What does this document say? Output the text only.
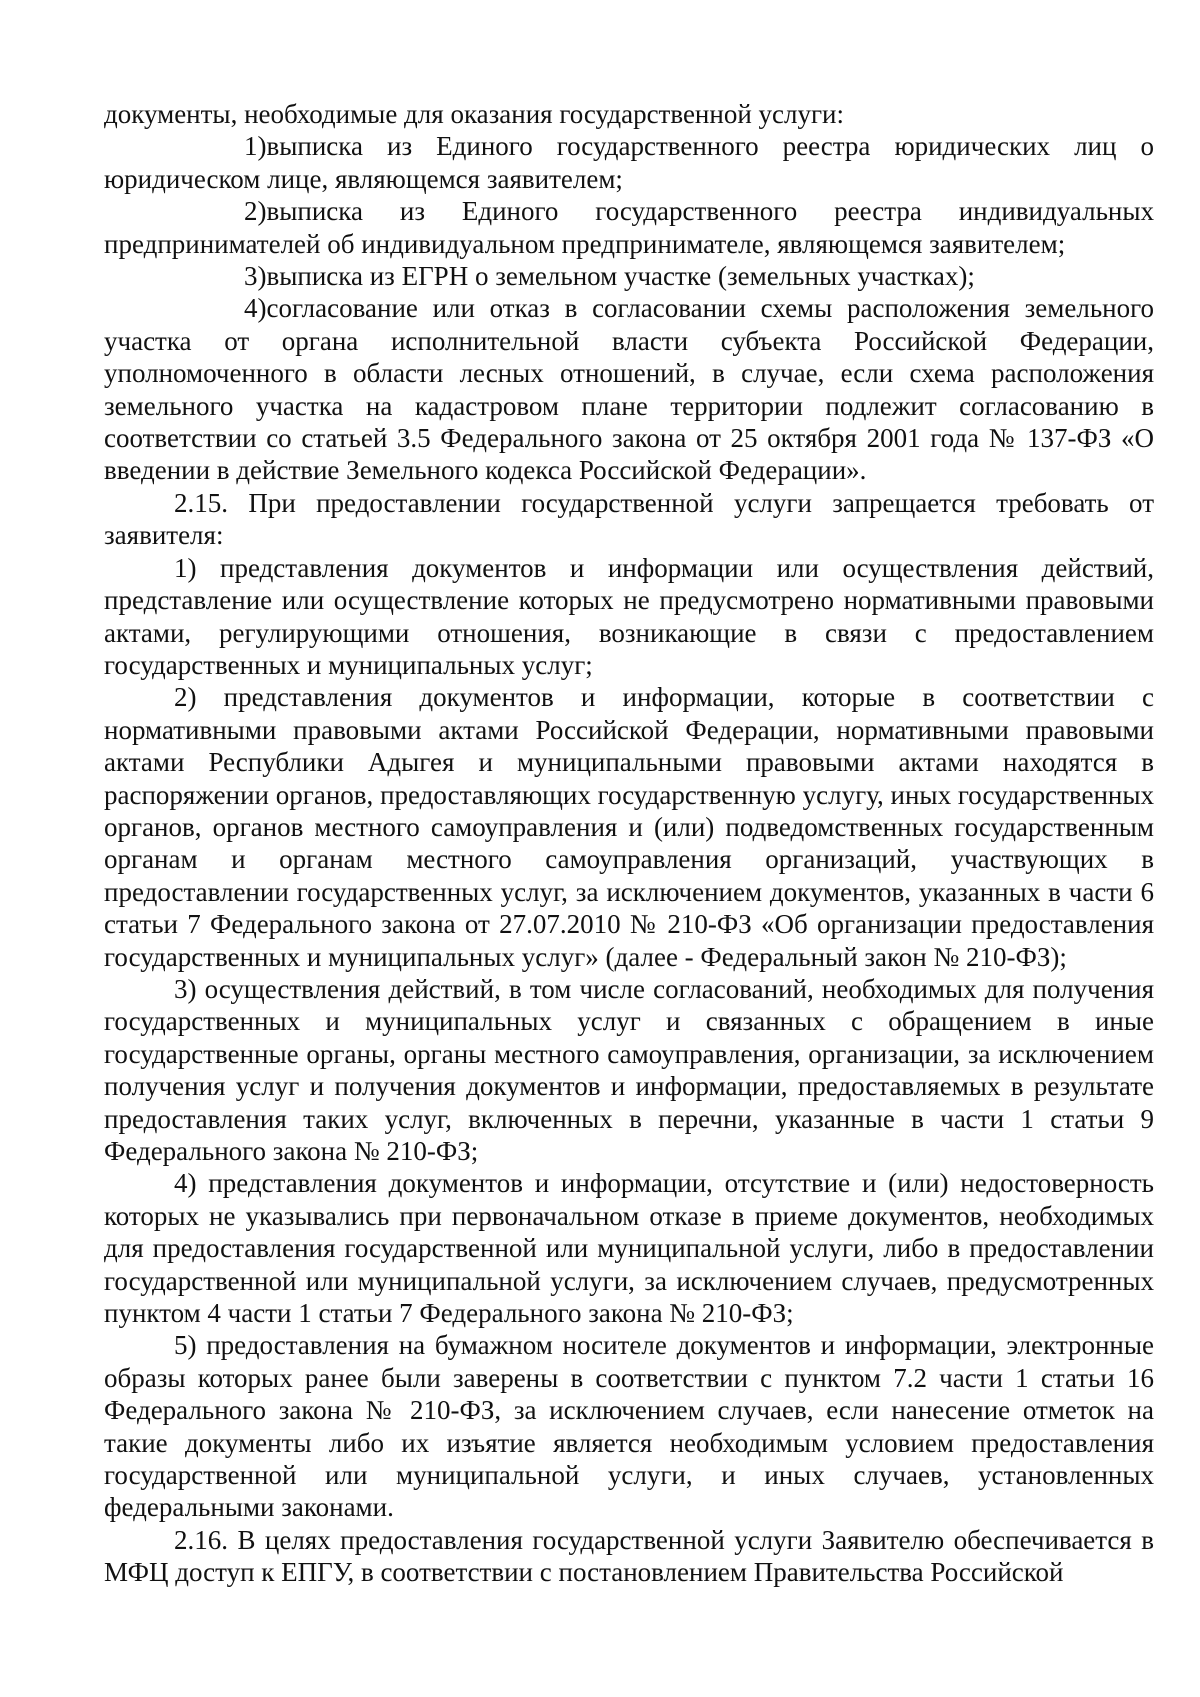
документы, необходимые для оказания государственной услуги:

1)выписка из Единого государственного реестра юридических лиц о юридическом лице, являющемся заявителем;

2)выписка из Единого государственного реестра индивидуальных предпринимателей об индивидуальном предпринимателе, являющемся заявителем;

3)выписка из ЕГРН о земельном участке (земельных участках);

4)согласование или отказ в согласовании схемы расположения земельного участка от органа исполнительной власти субъекта Российской Федерации, уполномоченного в области лесных отношений, в случае, если схема расположения земельного участка на кадастровом плане территории подлежит согласованию в соответствии со статьей 3.5 Федерального закона от 25 октября 2001 года № 137-ФЗ «О введении в действие Земельного кодекса Российской Федерации».

2.15. При предоставлении государственной услуги запрещается требовать от заявителя:

1) представления документов и информации или осуществления действий, представление или осуществление которых не предусмотрено нормативными правовыми актами, регулирующими отношения, возникающие в связи с предоставлением государственных и муниципальных услуг;

2) представления документов и информации, которые в соответствии с нормативными правовыми актами Российской Федерации, нормативными правовыми актами Республики Адыгея и муниципальными правовыми актами находятся в распоряжении органов, предоставляющих государственную услугу, иных государственных органов, органов местного самоуправления и (или) подведомственных государственным органам и органам местного самоуправления организаций, участвующих в предоставлении государственных услуг, за исключением документов, указанных в части 6 статьи 7 Федерального закона от 27.07.2010 № 210-ФЗ «Об организации предоставления государственных и муниципальных услуг» (далее - Федеральный закон № 210-ФЗ);

3) осуществления действий, в том числе согласований, необходимых для получения государственных и муниципальных услуг и связанных с обращением в иные государственные органы, органы местного самоуправления, организации, за исключением получения услуг и получения документов и информации, предоставляемых в результате предоставления таких услуг, включенных в перечни, указанные в части 1 статьи 9 Федерального закона № 210-ФЗ;

4) представления документов и информации, отсутствие и (или) недостоверность которых не указывались при первоначальном отказе в приеме документов, необходимых для предоставления государственной или муниципальной услуги, либо в предоставлении государственной или муниципальной услуги, за исключением случаев, предусмотренных пунктом 4 части 1 статьи 7 Федерального закона № 210-ФЗ;

5) предоставления на бумажном носителе документов и информации, электронные образы которых ранее были заверены в соответствии с пунктом 7.2 части 1 статьи 16 Федерального закона № 210-ФЗ, за исключением случаев, если нанесение отметок на такие документы либо их изъятие является необходимым условием предоставления государственной или муниципальной услуги, и иных случаев, установленных федеральными законами.

2.16. В целях предоставления государственной услуги Заявителю обеспечивается в МФЦ доступ к ЕПГУ, в соответствии с постановлением Правительства Российской
